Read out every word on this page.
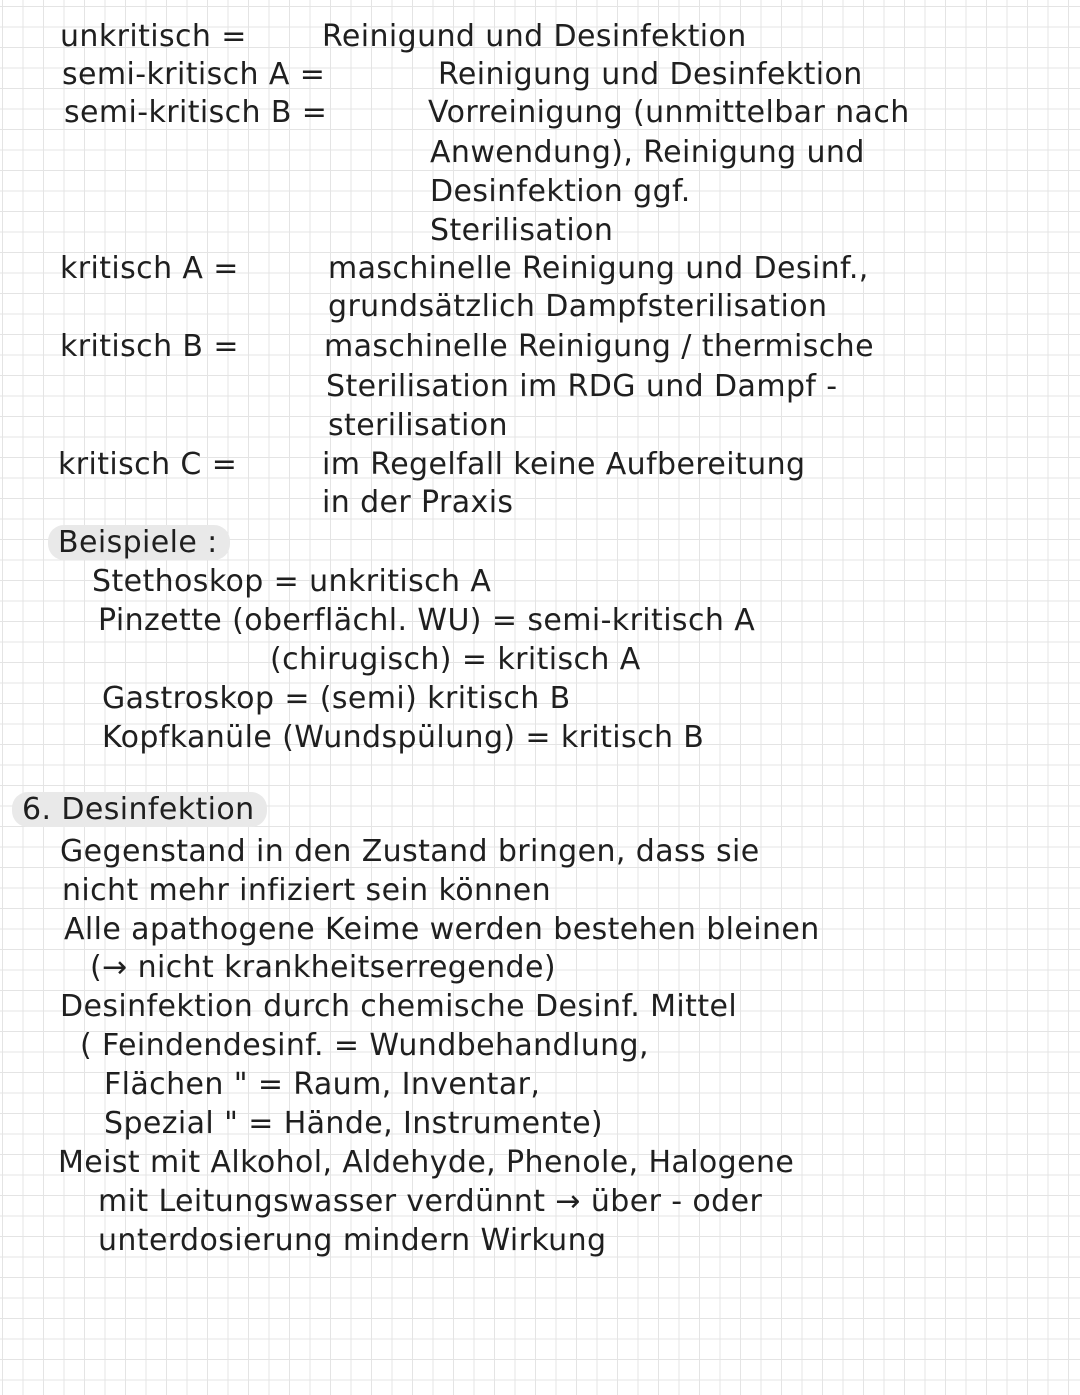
unkritisch =	Reinigund und Desinfektion
semi-kritisch A =	Reinigung und Desinfektion
semi-kritisch B =	Vorreinigung (unmittelbar nach
Anwendung), Reinigung und
Desinfektion ggf.
Sterilisation
kritisch A =	maschinelle Reinigung und Desinf.,
grundsätzlich Dampfsterilisation
kritisch B =	maschinelle Reinigung / thermische
Sterilisation im RDG und Dampf -
sterilisation
kritisch C =	im Regelfall keine Aufbereitung
in der Praxis
Beispiele :
Stethoskop = unkritisch A
Pinzette (oberflächl. WU) = semi-kritisch A
(chirugisch) = kritisch A
Gastroskop = (semi) kritisch B
Kopfkanüle (Wundspülung) = kritisch B
6. Desinfektion
Gegenstand in den Zustand bringen, dass sie
nicht mehr infiziert sein können
Alle apathogene Keime werden bestehen bleinen
(→ nicht krankheitserregende)
Desinfektion durch chemische Desinf. Mittel
( Feindendesinf. = Wundbehandlung,
Flächen " = Raum, Inventar,
Spezial " = Hände, Instrumente)
Meist mit Alkohol, Aldehyde, Phenole, Halogene
mit Leitungswasser verdünnt → über - oder
unterdosierung mindern Wirkung
